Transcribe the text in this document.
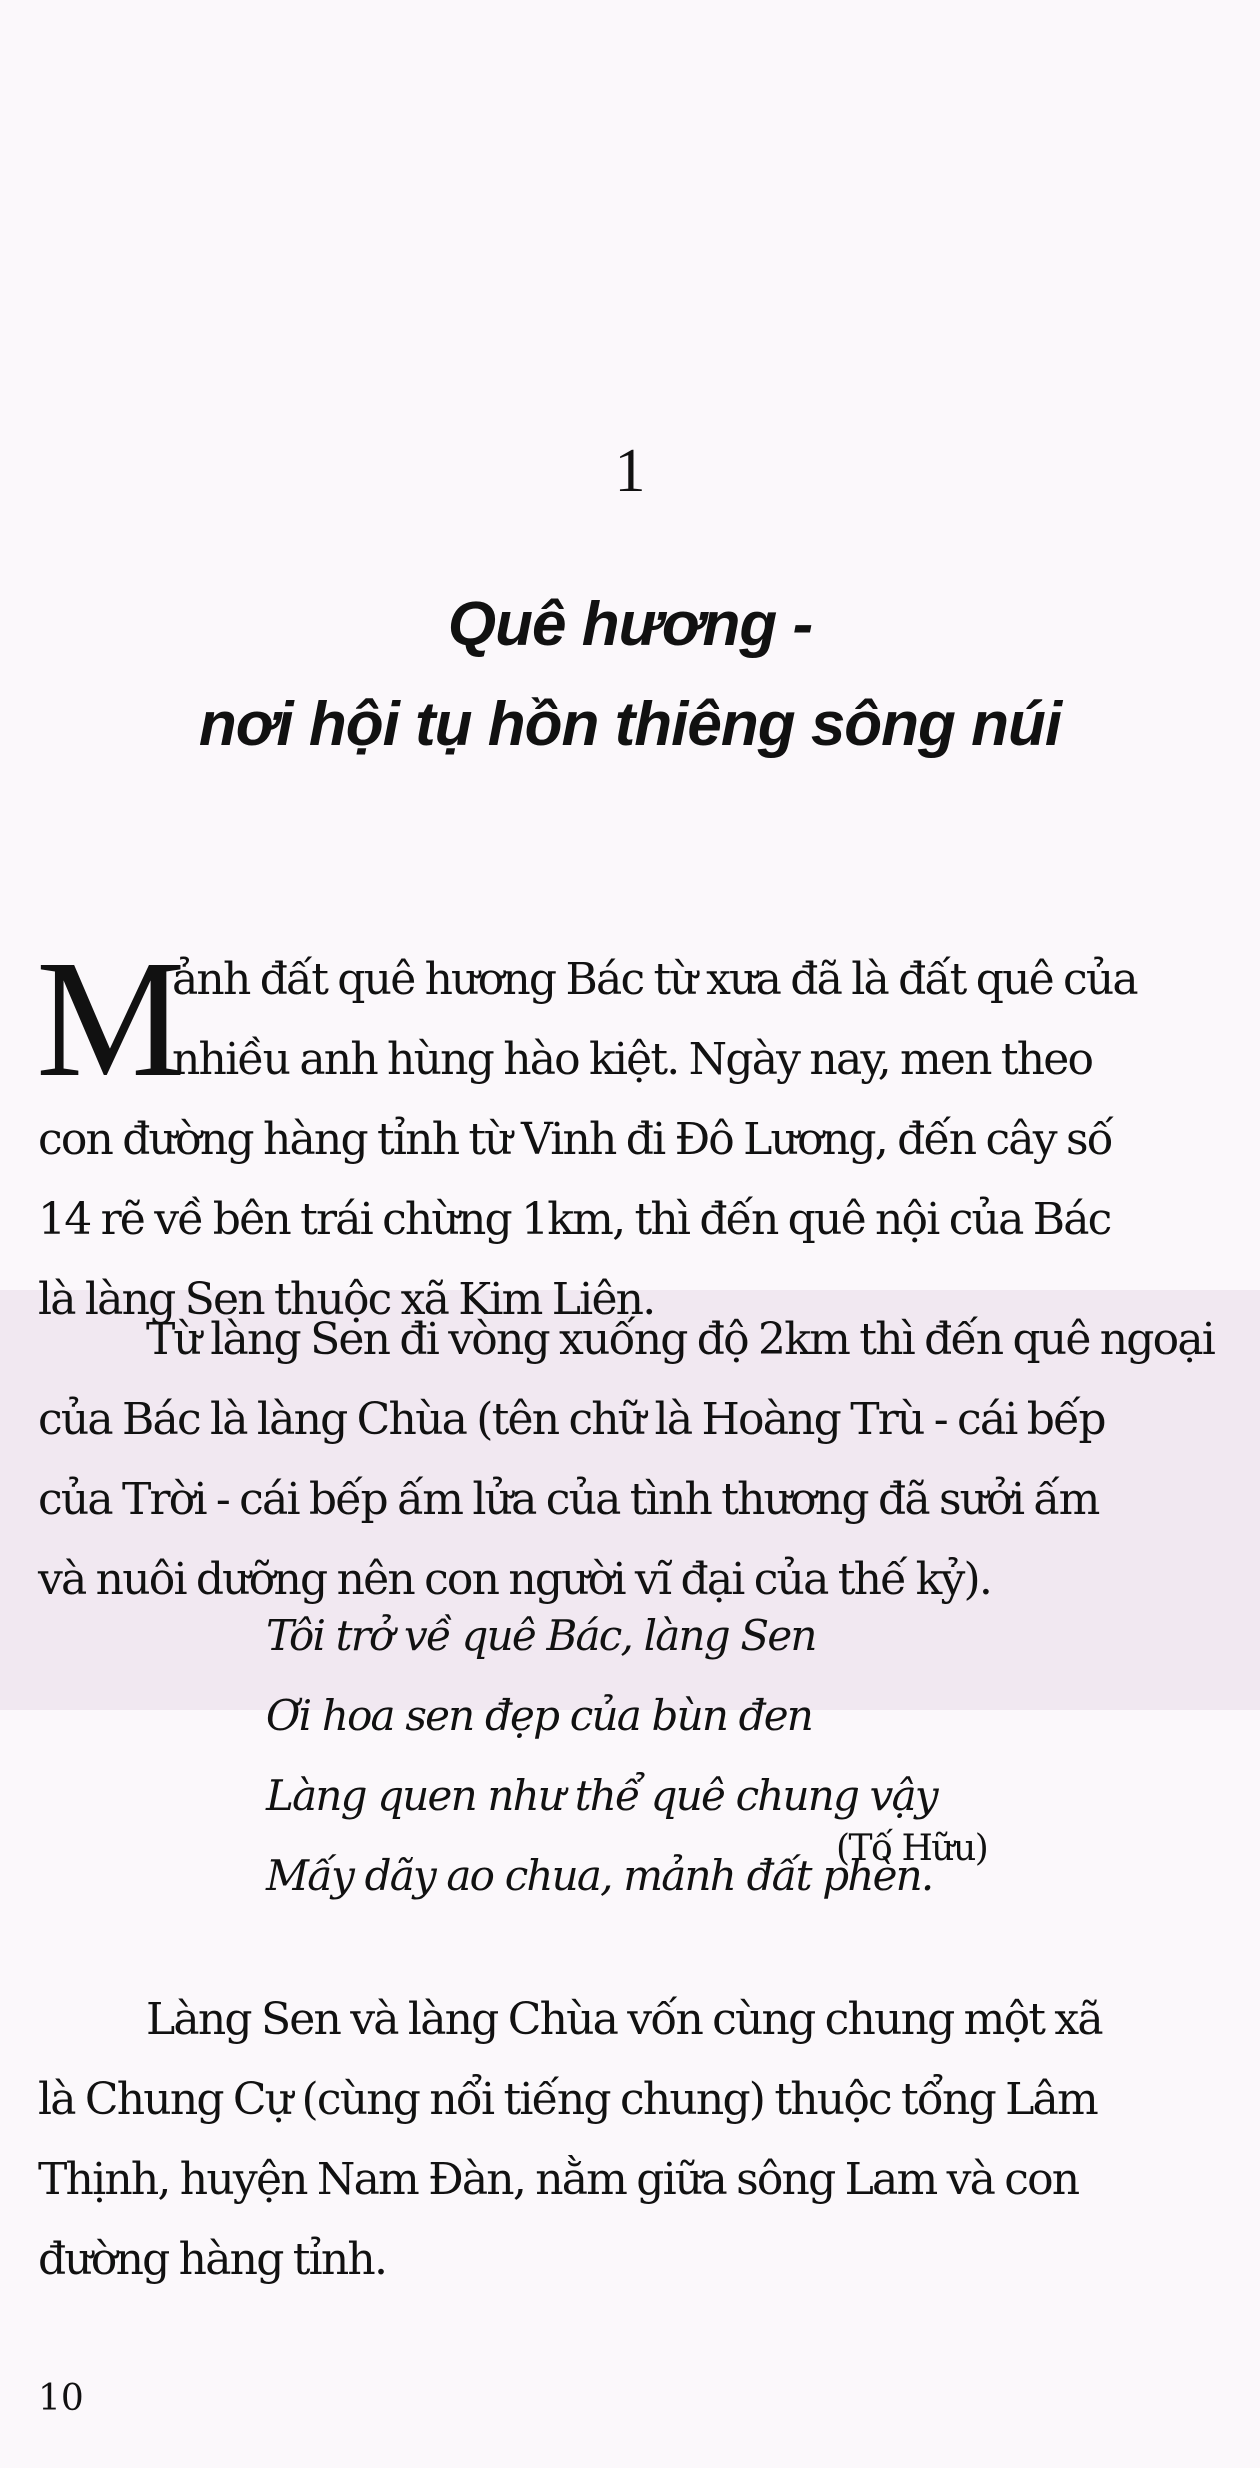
1
Quê hương -
nơi hội tụ hồn thiêng sông núi
M
ảnh đất quê hương Bác từ xưa đã là đất quê của
nhiều anh hùng hào kiệt. Ngày nay, men theo
con đường hàng tỉnh từ Vinh đi Đô Lương, đến cây số
14 rẽ về bên trái chừng 1km, thì đến quê nội của Bác
là làng Sen thuộc xã Kim Liên.
Từ làng Sen đi vòng xuống độ 2km thì đến quê ngoại
của Bác là làng Chùa (tên chữ là Hoàng Trù - cái bếp
của Trời - cái bếp ấm lửa của tình thương đã sưởi ấm
và nuôi dưỡng nên con người vĩ đại của thế kỷ).
Tôi trở về quê Bác, làng Sen
Ơi hoa sen đẹp của bùn đen
Làng quen như thể quê chung vậy
Mấy dãy ao chua, mảnh đất phèn.
(Tố Hữu)
Làng Sen và làng Chùa vốn cùng chung một xã
là Chung Cự (cùng nổi tiếng chung) thuộc tổng Lâm
Thịnh, huyện Nam Đàn, nằm giữa sông Lam và con
đường hàng tỉnh.
10
